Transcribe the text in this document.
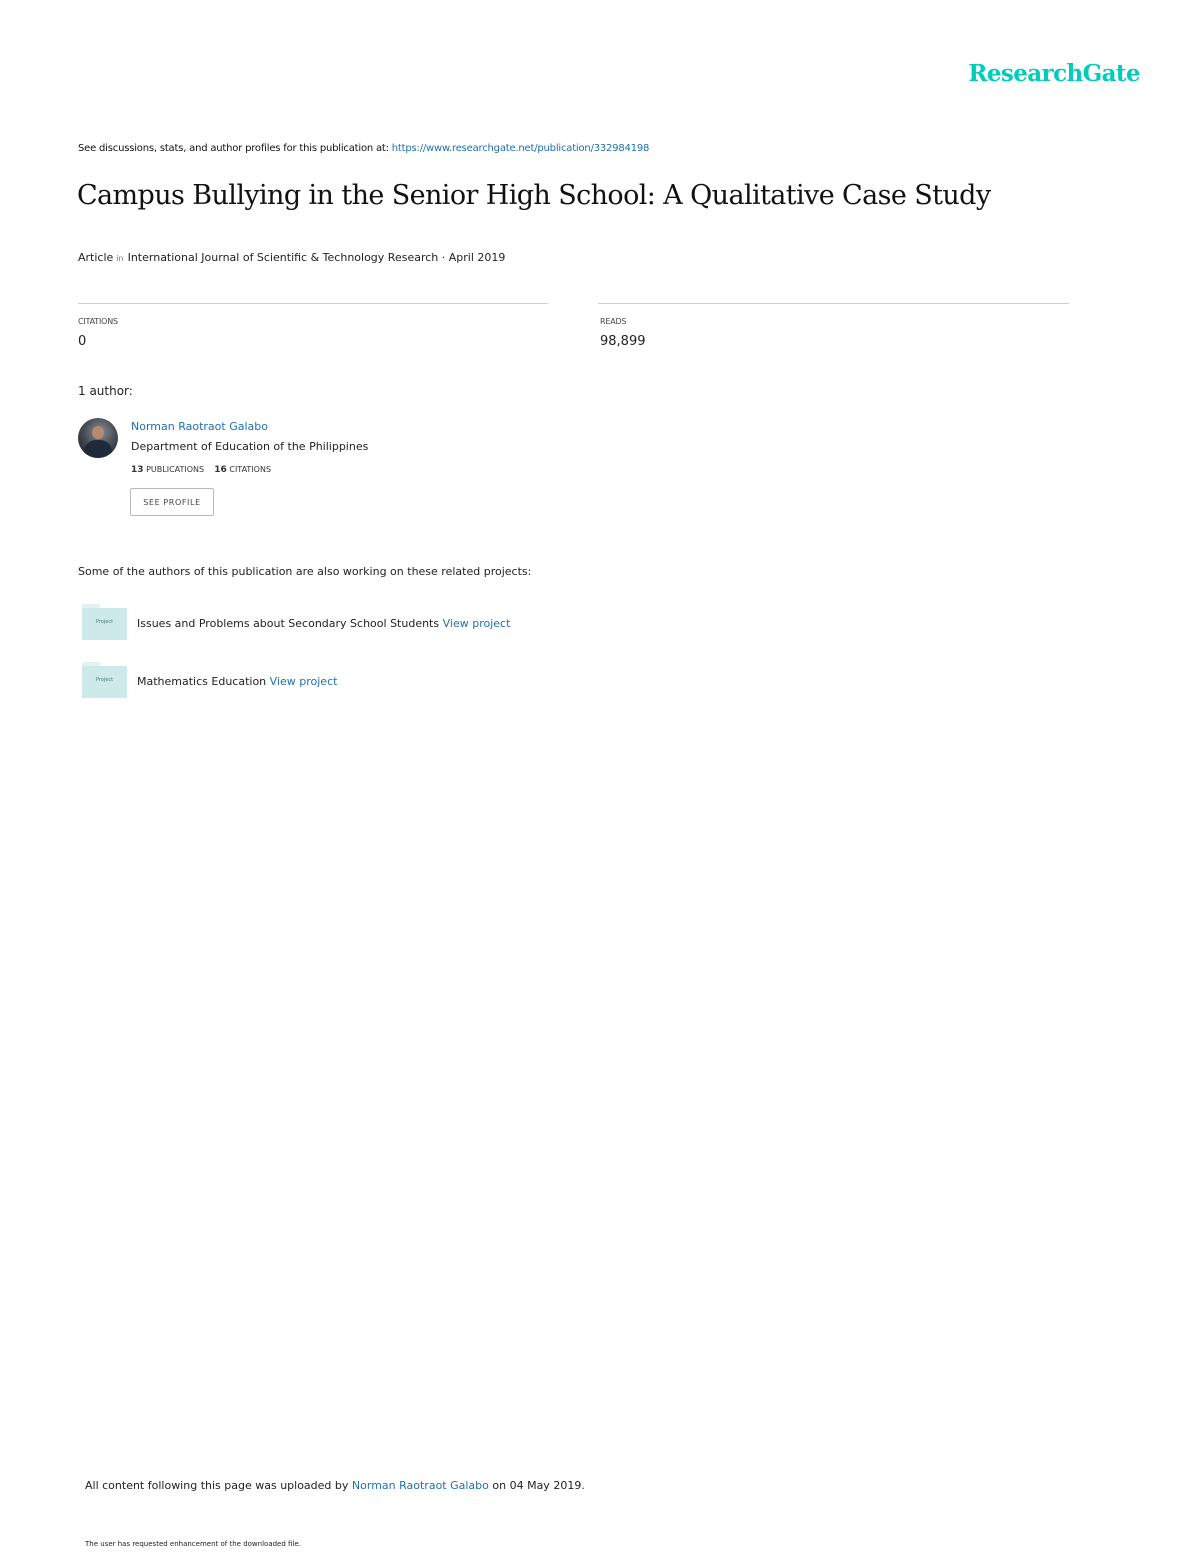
ResearchGate
See discussions, stats, and author profiles for this publication at: https://www.researchgate.net/publication/332984198
Campus Bullying in the Senior High School: A Qualitative Case Study
Article in International Journal of Scientific & Technology Research · April 2019
CITATIONS
0
READS
98,899
1 author:
Norman Raotraot Galabo
Department of Education of the Philippines
13 PUBLICATIONS 16 CITATIONS
SEE PROFILE
Some of the authors of this publication are also working on these related projects:
Project	Issues and Problems about Secondary School Students View project
Project	Mathematics Education View project
All content following this page was uploaded by Norman Raotraot Galabo on 04 May 2019.
The user has requested enhancement of the downloaded file.
